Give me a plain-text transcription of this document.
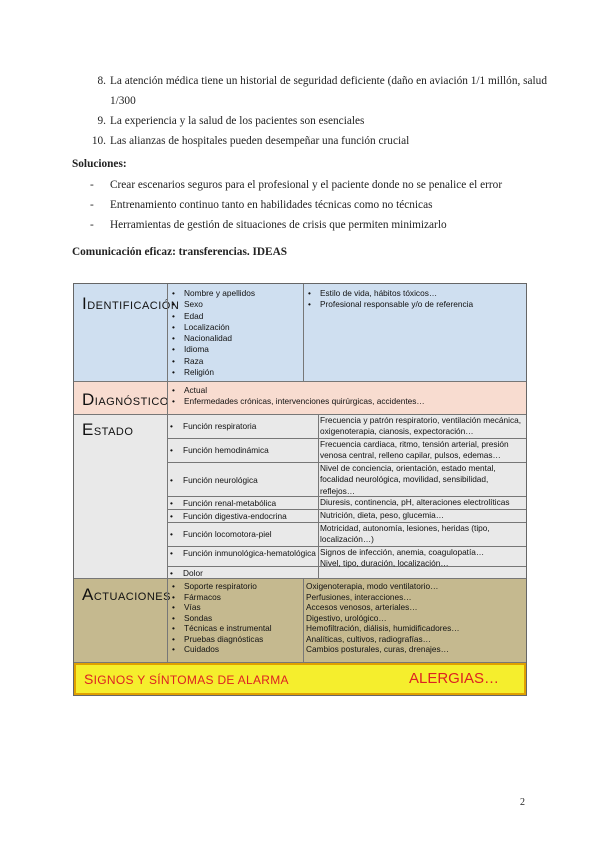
8. La atención médica tiene un historial de seguridad deficiente (daño en aviación 1/1 millón, salud 1/300
9. La experiencia y la salud de los pacientes son esenciales
10. Las alianzas de hospitales pueden desempeñar una función crucial
Soluciones:
- Crear escenarios seguros para el profesional y el paciente donde no se penalice el error
- Entrenamiento continuo tanto en habilidades técnicas como no técnicas
- Herramientas de gestión de situaciones de crisis que permiten minimizarlo
Comunicación eficaz: transferencias. IDEAS
IDENTIFICACIÓN
• Nombre y apellidos
• Sexo
• Edad
• Localización
• Nacionalidad
• Idioma
• Raza
• Religión
• Estilo de vida, hábitos tóxicos…
• Profesional responsable y/o de referencia
DIAGNÓSTICO
• Actual
• Enfermedades crónicas, intervenciones quirúrgicas, accidentes…
ESTADO
•	Función respiratoria
Frecuencia y patrón respiratorio, ventilación mecánica, oxigenoterapia, cianosis, expectoración…
• Función hemodinámica
Frecuencia cardiaca, ritmo, tensión arterial, presión venosa central, relleno capilar, pulsos, edemas…
• Función neurológica
Nivel de conciencia, orientación, estado mental, focalidad neurológica, movilidad, sensibilidad, reflejos…
• Función renal-metabólica	Diuresis, continencia, pH, alteraciones electrolíticas
• Función digestiva-endocrina	Nutrición, dieta, peso, glucemia…
• Función locomotora-piel
Motricidad, autonomía, lesiones, heridas (tipo, localización…)
• Función inmunológica-hematológica Signos de infección, anemia, coagulopatía…
• Dolor
Nivel, tipo, duración, localización…
ACTUACIONES
• Soporte respiratorio
• Fármacos
• Vías
• Sondas
• Técnicas e instrumental
• Pruebas diagnósticas
• Cuidados
Oxigenoterapia, modo ventilatorio…
Perfusiones, interacciones…
Accesos venosos, arteriales…
Digestivo, urológico…
Hemofiltración, diálisis, humidificadores…
Analíticas, cultivos, radiografías…
Cambios posturales, curas, drenajes…
SIGNOS Y SÍNTOMAS DE ALARMA	ALERGIAS…
2
